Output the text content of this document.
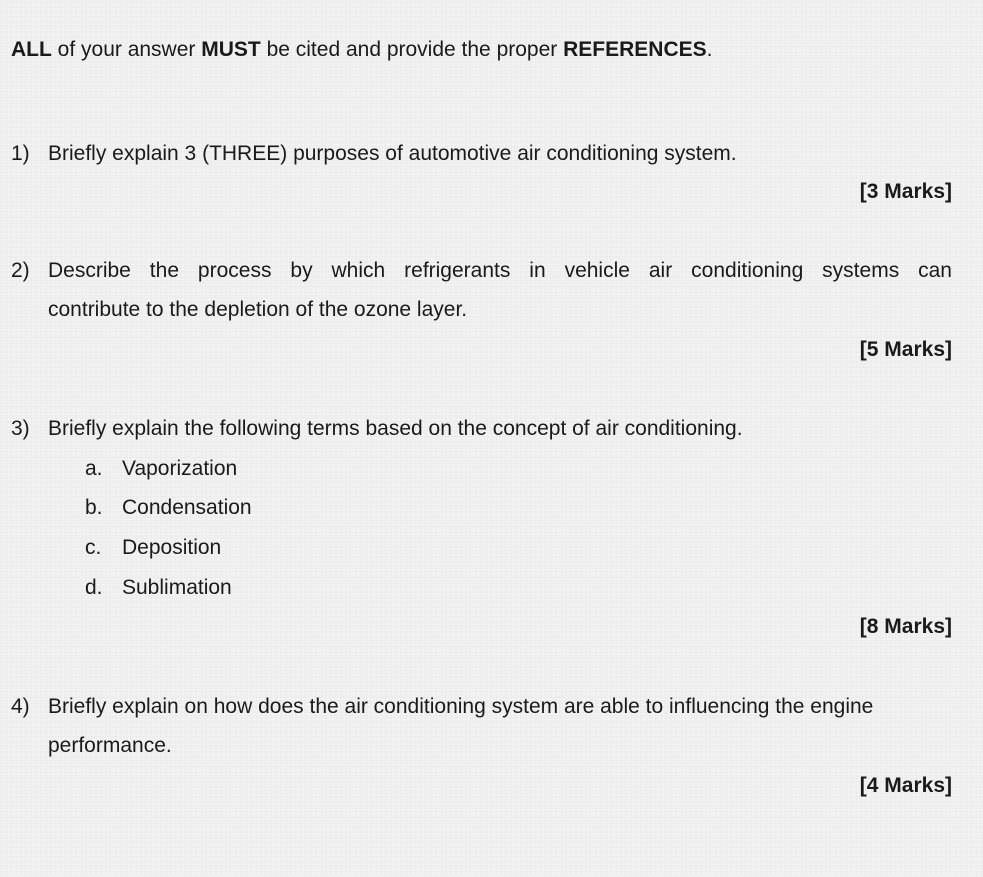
ALL of your answer MUST be cited and provide the proper REFERENCES.
1) Briefly explain 3 (THREE) purposes of automotive air conditioning system.
[3 Marks]
2) Describe the process by which refrigerants in vehicle air conditioning systems can
contribute to the depletion of the ozone layer.
[5 Marks]
3) Briefly explain the following terms based on the concept of air conditioning.
a. Vaporization
b. Condensation
c. Deposition
d. Sublimation
[8 Marks]
4) Briefly explain on how does the air conditioning system are able to influencing the engine
performance.
[4 Marks]
